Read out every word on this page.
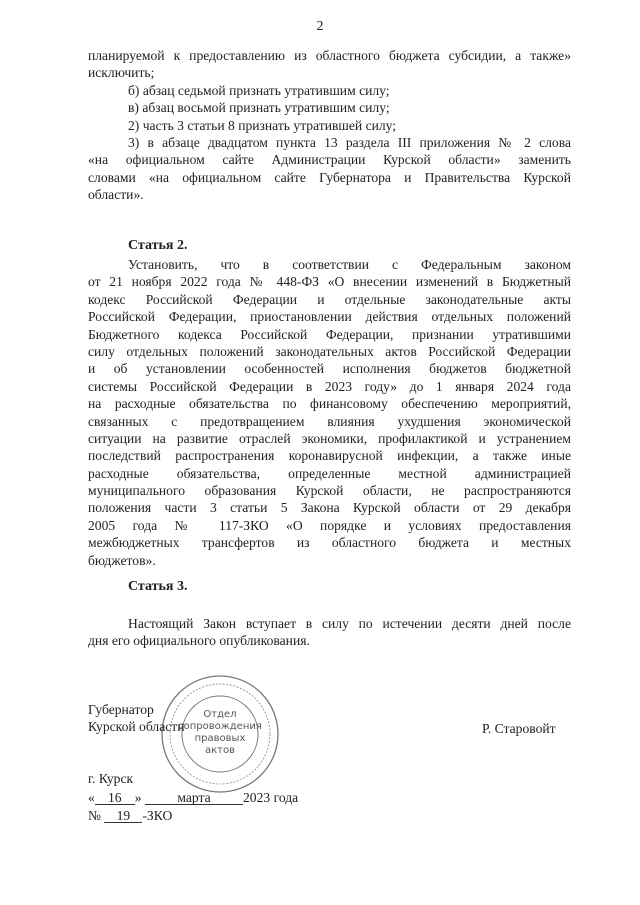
2
планируемой к предоставлению из областного бюджета субсидии, а также»
исключить;
б) абзац седьмой признать утратившим силу;
в) абзац восьмой признать утратившим силу;
2) часть 3 статьи 8 признать утратившей силу;
3) в абзаце двадцатом пункта 13 раздела III приложения № 2 слова
«на официальном сайте Администрации Курской области» заменить
словами «на официальном сайте Губернатора и Правительства Курской
области».
Статья 2.
Установить, что в соответствии с Федеральным законом
от 21 ноября 2022 года № 448-ФЗ «О внесении изменений в Бюджетный
кодекс Российской Федерации и отдельные законодательные акты
Российской Федерации, приостановлении действия отдельных положений
Бюджетного кодекса Российской Федерации, признании утратившими
силу отдельных положений законодательных актов Российской Федерации
и об установлении особенностей исполнения бюджетов бюджетной
системы Российской Федерации в 2023 году» до 1 января 2024 года
на расходные обязательства по финансовому обеспечению мероприятий,
связанных с предотвращением влияния ухудшения экономической
ситуации на развитие отраслей экономики, профилактикой и устранением
последствий распространения коронавирусной инфекции, а также иные
расходные обязательства, определенные местной администрацией
муниципального образования Курской области, не распространяются
положения части 3 статьи 5 Закона Курской области от 29 декабря
2005 года № 117-ЗКО «О порядке и условиях предоставления
межбюджетных трансфертов из областного бюджета и местных
бюджетов».
Статья 3.
Настоящий Закон вступает в силу по истечении десяти дней после
дня его официального опубликования.
Отдел
сопровождения
правовых
актов
Губернатор
Курской области	Р. Старовойт
г. Курск
« 16 »	марта 2023 года
№ 19 -ЗКО
